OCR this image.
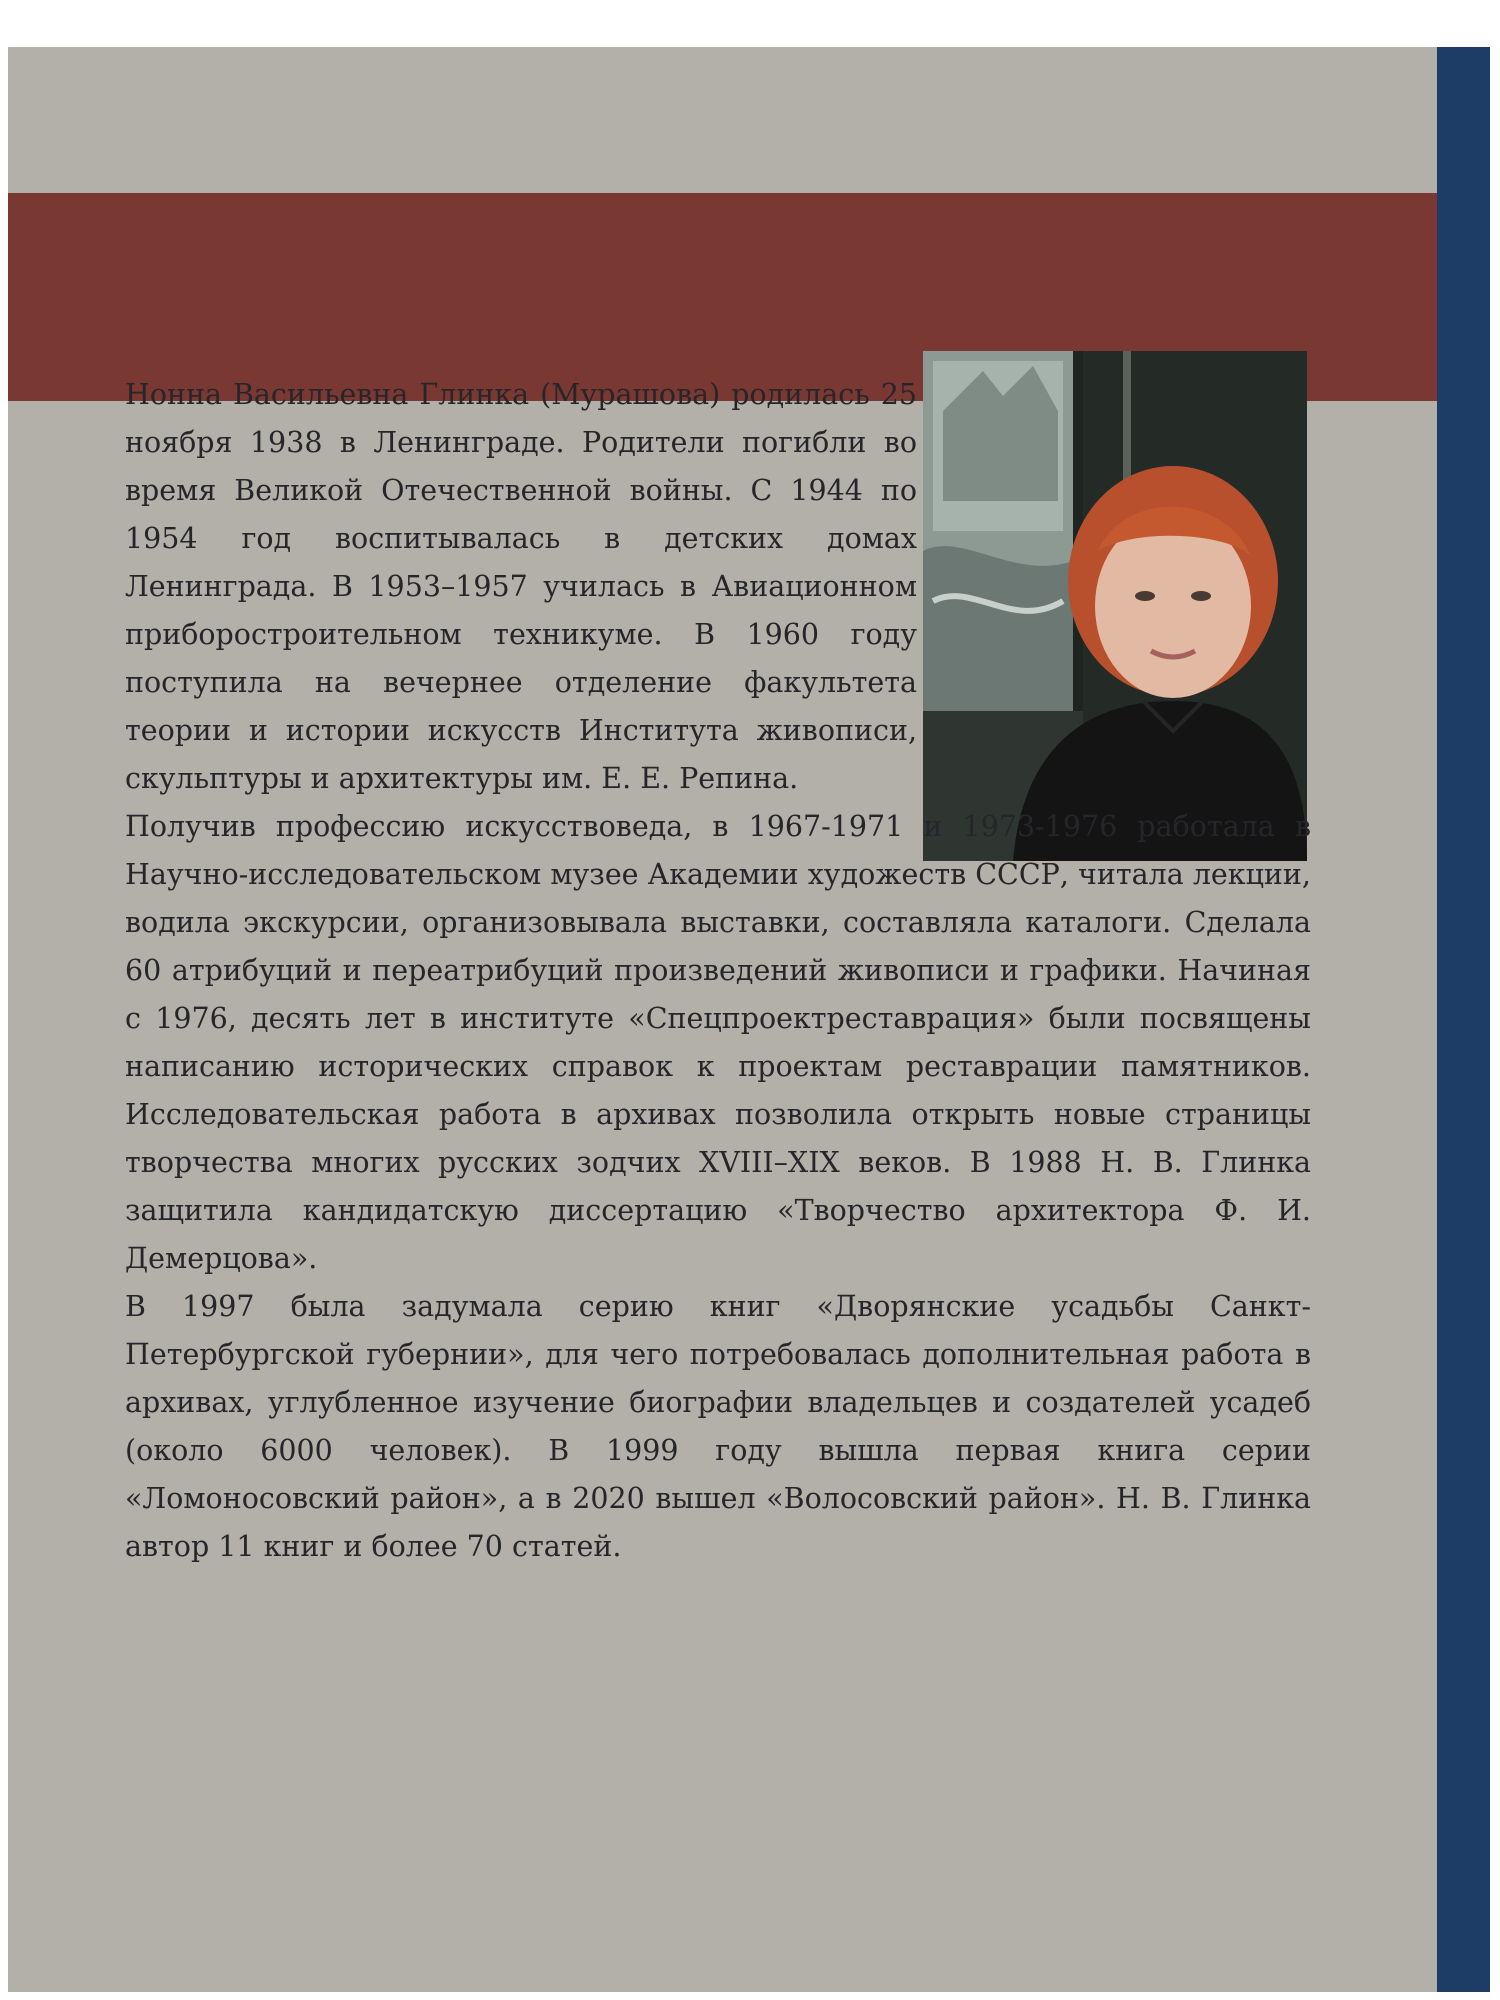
Нонна Васильевна Глинка (Мурашова) родилась 25 ноября 1938 в Ленинграде. Родители погибли во время Великой Отечественной войны. С 1944 по 1954 год воспитывалась в детских домах Ленинграда. В 1953–1957 училась в Авиационном приборостроительном техникуме. В 1960 году поступила на вечернее отделение факультета теории и истории искусств Института живописи, скульптуры и архитектуры им. Е. Е. Репина.

Получив профессию искусствоведа, в 1967-1971 и 1973-1976 работала в Научно-исследовательском музее Академии художеств СССР, читала лекции, водила экскурсии, организовывала выставки, составляла каталоги. Сделала 60 атрибуций и переатрибуций произведений живописи и графики. Начиная с 1976, десять лет в институте «Спецпроектреставрация» были посвящены написанию исторических справок к проектам реставрации памятников. Исследовательская работа в архивах позволила открыть новые страницы творчества многих русских зодчих XVIII–XIX веков. В 1988 Н. В. Глинка защитила кандидатскую диссертацию «Творчество архитектора Ф. И. Демерцова».

В 1997 была задумала серию книг «Дворянские усадьбы Санкт-Петербургской губернии», для чего потребовалась дополнительная работа в архивах, углубленное изучение биографии владельцев и создателей усадеб (около 6000 человек). В 1999 году вышла первая книга серии «Ломоносовский район», а в 2020 вышел «Волосовский район». Н. В. Глинка автор 11 книг и более 70 статей.
